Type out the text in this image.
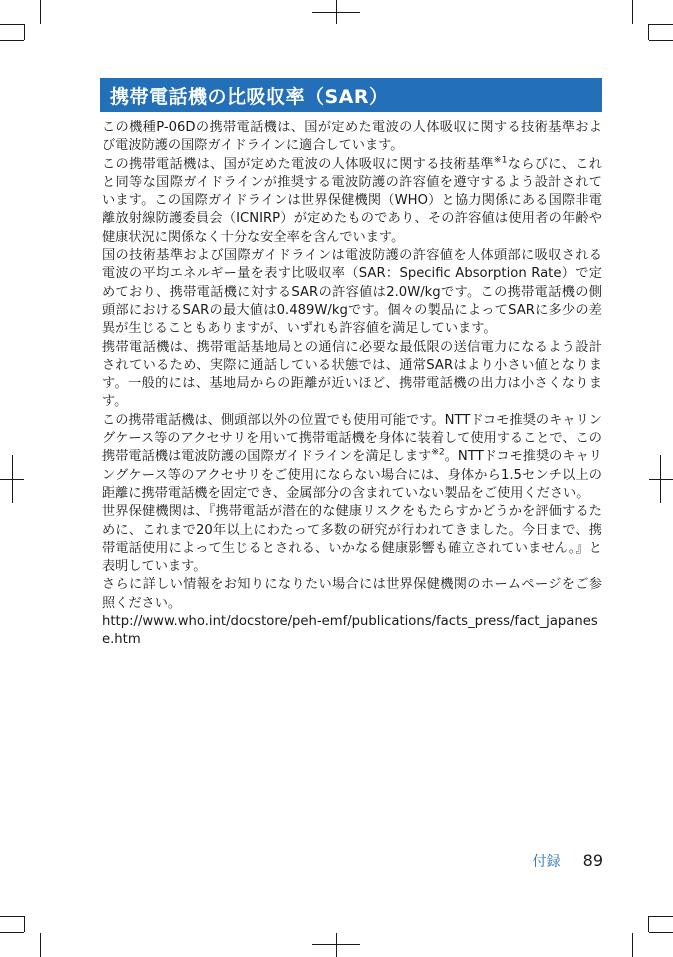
携帯電話機の比吸収率（SAR）

この機種P-06Dの携帯電話機は、国が定めた電波の人体吸収に関する技術基準および電波防護の国際ガイドラインに適合しています。

この携帯電話機は、国が定めた電波の人体吸収に関する技術基準$^{※1}$ならびに、これと同等な国際ガイドラインが推奨する電波防護の許容値を遵守するよう設計されています。この国際ガイドラインは世界保健機関（WHO）と協力関係にある国際非電離放射線防護委員会（ICNIRP）が定めたものであり、その許容値は使用者の年齢や健康状況に関係なく十分な安全率を含んでいます。

国の技術基準および国際ガイドラインは電波防護の許容値を人体頭部に吸収される電波の平均エネルギー量を表す比吸収率（SAR：Specific Absorption Rate）で定めており、携帯電話機に対するSARの許容値は2.0W/kgです。この携帯電話機の側頭部におけるSARの最大値は0.489W/kgです。個々の製品によってSARに多少の差異が生じることもありますが、いずれも許容値を満足しています。

携帯電話機は、携帯電話基地局との通信に必要な最低限の送信電力になるよう設計されているため、実際に通話している状態では、通常SARはより小さい値となります。一般的には、基地局からの距離が近いほど、携帯電話機の出力は小さくなります。

この携帯電話機は、側頭部以外の位置でも使用可能です。NTTドコモ推奨のキャリングケース等のアクセサリを用いて携帯電話機を身体に装着して使用することで、この携帯電話機は電波防護の国際ガイドラインを満足します$^{※2}$。NTTドコモ推奨のキャリングケース等のアクセサリをご使用にならない場合には、身体から1.5センチ以上の距離に携帯電話機を固定でき、金属部分の含まれていない製品をご使用ください。

世界保健機関は、『携帯電話が潜在的な健康リスクをもたらすかどうかを評価するために、これまで20年以上にわたって多数の研究が行われてきました。今日まで、携帯電話使用によって生じるとされる、いかなる健康影響も確立されていません。』と表明しています。

さらに詳しい情報をお知りになりたい場合には世界保健機関のホームページをご参照ください。

http://www.who.int/docstore/peh-emf/publications/facts_press/fact_japanese.htm

付録 89
